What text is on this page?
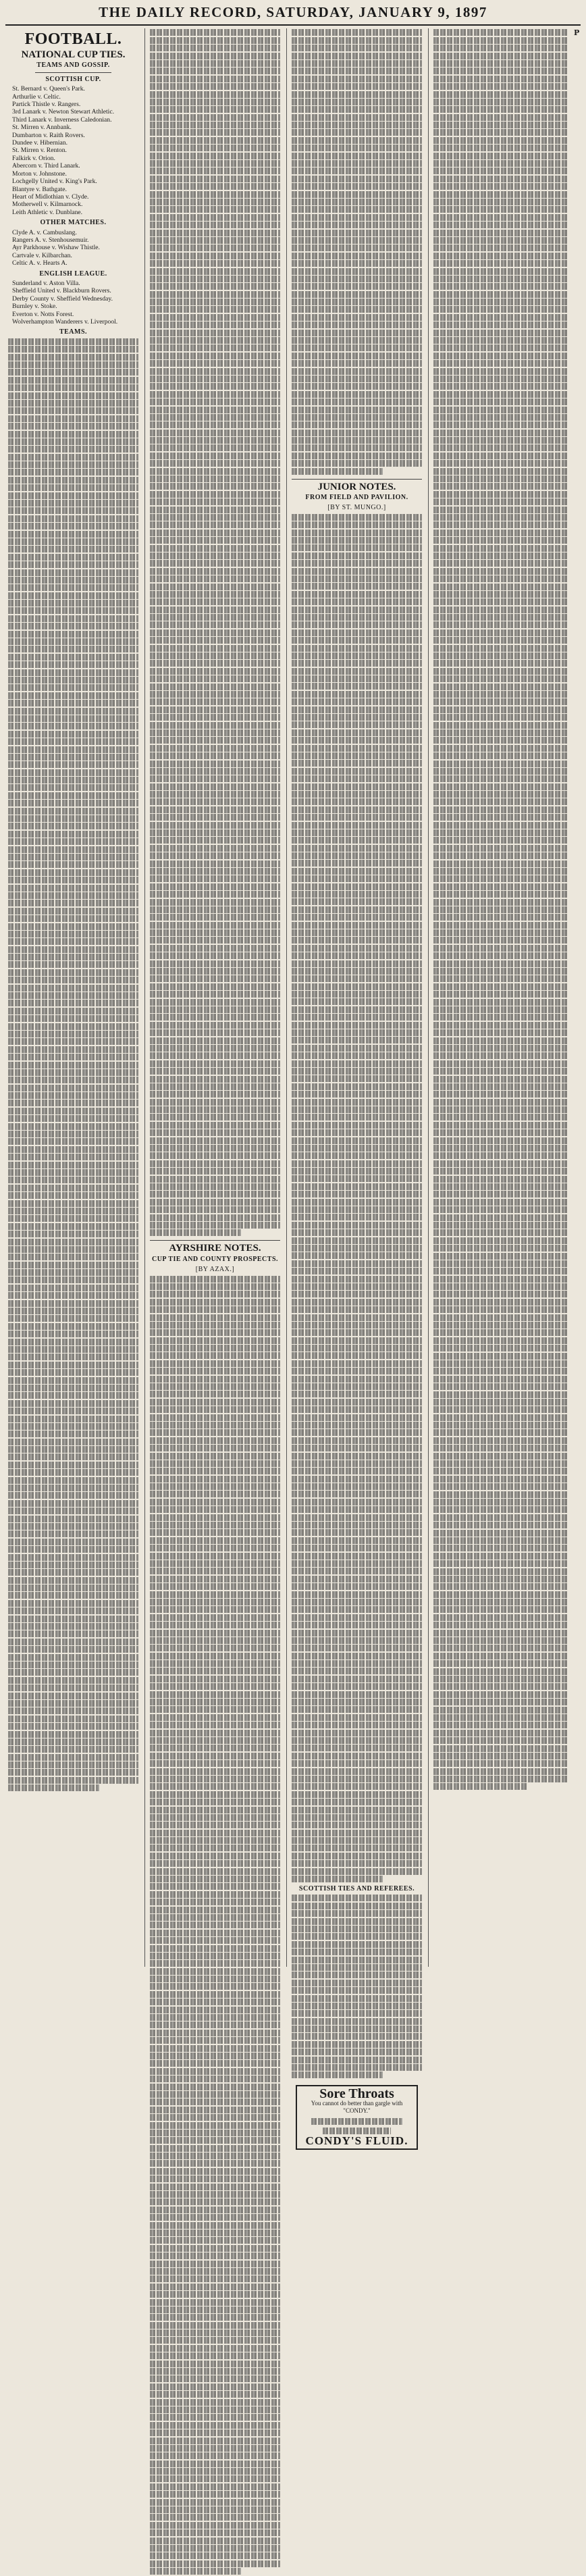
THE DAILY RECORD, SATURDAY, JANUARY 9, 1897
FOOTBALL.
NATIONAL CUP TIES.
TEAMS AND GOSSIP.
SCOTTISH CUP.
St. Bernard v. Queen's Park.
Arthurlie v. Celtic.
Partick Thistle v. Rangers.
3rd Lanark v. Newton Stewart Athletic.
Third Lanark v. Inverness Caledonian.
St. Mirren v. Annbank.
Dumbarton v. Raith Rovers.
Dundee v. Hibernian.
St. Mirren v. Renton.
Falkirk v. Orion.
Abercorn v. Third Lanark.
Morton v. Johnstone.
Lochgelly United v. King's Park.
Blantyre v. Bathgate.
Heart of Midlothian v. Clyde.
Motherwell v. Kilmarnock.
Leith Athletic v. Dunblane.
OTHER MATCHES.
Clyde A. v. Cambuslang.
Rangers A. v. Stenhousemuir.
Ayr Parkhouse v. Wishaw Thistle.
Cartvale v. Kilbarchan.
Celtic A. v. Hearts A.
ENGLISH LEAGUE.
Sunderland v. Aston Villa.
Sheffield United v. Blackburn Rovers.
Derby County v. Sheffield Wednesday.
Burnley v. Stoke.
Everton v. Notts Forest.
Wolverhampton Wanderers v. Liverpool.
TEAMS.
AYRSHIRE NOTES.
CUP TIE AND COUNTY PROSPECTS.
[BY AZAX.]
JUNIOR NOTES.
FROM FIELD AND PAVILION.
[BY ST. MUNGO.]
SCOTTISH TIES AND REFEREES.
Sore Throats
You cannot do better than gargle with "CONDY."
CONDY'S FLUID.
P
